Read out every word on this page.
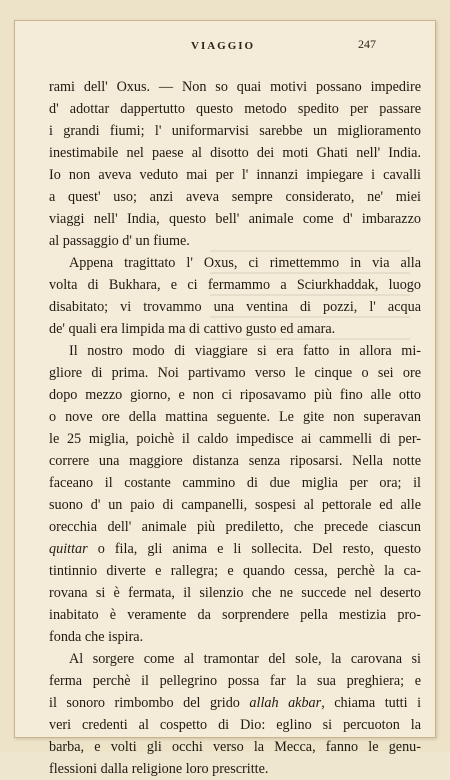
VIAGGIO	247
rami dell' Oxus. — Non so quai motivi possano impedire
d' adottar dappertutto questo metodo spedito per passare
i grandi fiumi; l' uniformarvisi sarebbe un miglioramento
inestimabile nel paese al disotto dei moti Ghati nell' India.
Io non aveva veduto mai per l' innanzi impiegare i cavalli
a quest' uso; anzi aveva sempre considerato, ne' miei
viaggi nell' India, questo bell' animale come d' imbarazzo
al passaggio d' un fiume.
Appena tragittato l' Oxus, ci rimettemmo in via alla
volta di Bukhara, e ci fermammo a Sciurkhaddak, luogo
disabitato; vi trovammo una ventina di pozzi, l' acqua
de' quali era limpida ma di cattivo gusto ed amara.
Il nostro modo di viaggiare si era fatto in allora mi-
gliore di prima. Noi partivamo verso le cinque o sei ore
dopo mezzo giorno, e non ci riposavamo più fino alle otto
o nove ore della mattina seguente. Le gite non superavan
le 25 miglia, poichè il caldo impedisce ai cammelli di per-
correre una maggiore distanza senza riposarsi. Nella notte
faceano il costante cammino di due miglia per ora; il
suono d' un paio di campanelli, sospesi al pettorale ed alle
orecchia dell' animale più prediletto, che precede ciascun
quittar o fila, gli anima e li sollecita. Del resto, questo
tintinnio diverte e rallegra; e quando cessa, perchè la ca-
rovana si è fermata, il silenzio che ne succede nel deserto
inabitato è veramente da sorprendere pella mestizia pro-
fonda che ispira.
Al sorgere come al tramontar del sole, la carovana si
ferma perchè il pellegrino possa far la sua preghiera; e
il sonoro rimbombo del grido allah akbar, chiama tutti i
veri credenti al cospetto di Dio: eglino si percuoton la
barba, e volti gli occhi verso la Mecca, fanno le genu-
flessioni dalla religione loro prescritte.
